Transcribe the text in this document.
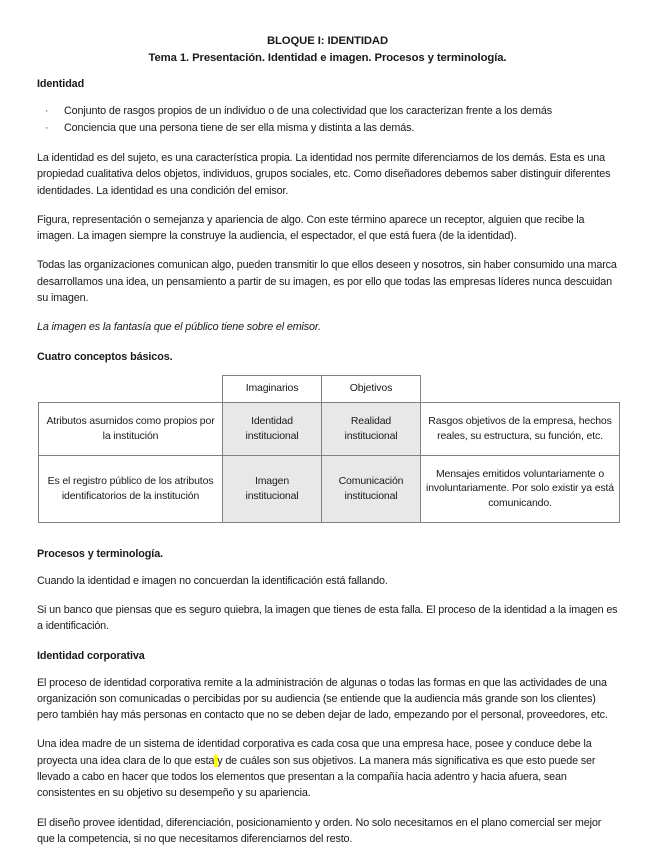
BLOQUE I: IDENTIDAD
Tema 1. Presentación. Identidad e imagen. Procesos y terminología.
Identidad
· Conjunto de rasgos propios de un individuo o de una colectividad que los caracterizan frente a los demás
· Conciencia que una persona tiene de ser ella misma y distinta a las demás.

La identidad es del sujeto, es una característica propia. La identidad nos permite diferenciarnos de los demás. Esta es una propiedad cualitativa delos objetos, individuos, grupos sociales, etc. Como diseñadores debemos saber distinguir diferentes identidades. La identidad es una condición del emisor.

Figura, representación o semejanza y apariencia de algo. Con este término aparece un receptor, alguien que recibe la imagen. La imagen siempre la construye la audiencia, el espectador, el que está fuera (de la identidad).

Todas las organizaciones comunican algo, pueden transmitir lo que ellos deseen y nosotros, sin haber consumido una marca desarrollamos una idea, un pensamiento a partir de su imagen, es por ello que todas las empresas líderes nunca descuidan su imagen.

La imagen es la fantasía que el público tiene sobre el emisor.

Cuatro conceptos básicos.
	Imaginarios	Objetivos	
Atributos asumidos como propios por la institución	Identidad institucional	Realidad institucional	Rasgos objetivos de la empresa, hechos reales, su estructura, su función, etc.
Es el registro público de los atributos identificatorios de la institución	Imagen institucional	Comunicación institucional	Mensajes emitidos voluntariamente o involuntariamente. Por solo existir ya está comunicando.
Procesos y terminología.

Cuando la identidad e imagen no concuerdan la identificación está fallando.

Si un banco que piensas que es seguro quiebra, la imagen que tienes de esta falla. El proceso de la identidad a la imagen es a identificación.

Identidad corporativa

El proceso de identidad corporativa remite a la administración de algunas o todas las formas en que las actividades de una organización son comunicadas o percibidas por su audiencia (se entiende que la audiencia más grande son los clientes) pero también hay más personas en contacto que no se deben dejar de lado, empezando por el personal, proveedores, etc.

Una idea madre de un sistema de identidad corporativa es cada cosa que una empresa hace, posee y conduce debe la proyecta una idea clara de lo que esta y de cuáles son sus objetivos. La manera más significativa es que esto puede ser llevado a cabo en hacer que todos los elementos que presentan a la compañía hacia adentro y hacia afuera, sean consistentes en su objetivo su desempeño y su apariencia.

El diseño provee identidad, diferenciación, posicionamiento y orden. No solo necesitamos en el plano comercial ser mejor que la competencia, si no que necesitamos diferenciarnos del resto.
